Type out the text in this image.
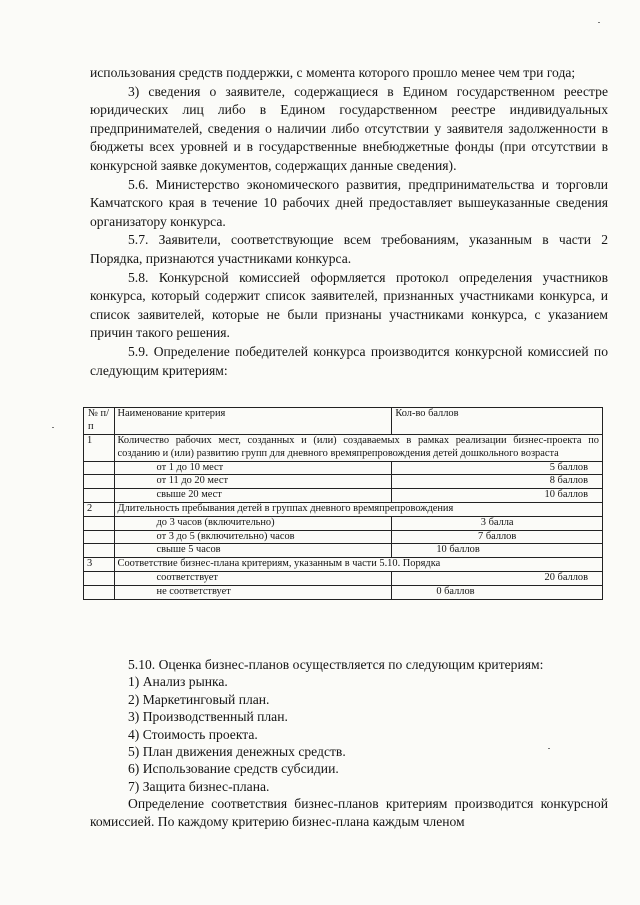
использования средств поддержки, с момента которого прошло менее чем три года;

3) сведения о заявителе, содержащиеся в Едином государственном реестре юридических лиц либо в Едином государственном реестре индивидуальных предпринимателей, сведения о наличии либо отсутствии у заявителя задолженности в бюджеты всех уровней и в государственные внебюджетные фонды (при отсутствии в конкурсной заявке документов, содержащих данные сведения).

5.6. Министерство экономического развития, предпринимательства и торговли Камчатского края в течение 10 рабочих дней предоставляет вышеуказанные сведения организатору конкурса.

5.7. Заявители, соответствующие всем требованиям, указанным в части 2 Порядка, признаются участниками конкурса.

5.8. Конкурсной комиссией оформляется протокол определения участников конкурса, который содержит список заявителей, признанных участниками конкурса, и список заявителей, которые не были признаны участниками конкурса, с указанием причин такого решения.

5.9. Определение победителей конкурса производится конкурсной комиссией по следующим критериям:

№ п/п	Наименование критерия	Кол-во баллов
1	Количество рабочих мест, созданных и (или) создаваемых в рамках реализации бизнес-проекта по созданию и (или) развитию групп для дневного времяпрепровождения детей дошкольного возраста	
	от 1 до 10 мест	5 баллов
	от 11 до 20 мест	8 баллов
	свыше 20 мест	10 баллов
2	Длительность пребывания детей в группах дневного времяпрепровождения	
	до 3 часов (включительно)	3 балла
	от 3 до 5 (включительно) часов	7 баллов
	свыше 5 часов	10 баллов
3	Соответствие бизнес-плана критериям, указанным в части 5.10. Порядка	
	соответствует	20 баллов
	не соответствует	0 баллов

5.10. Оценка бизнес-планов осуществляется по следующим критериям:

1) Анализ рынка.

2) Маркетинговый план.

3) Производственный план.

4) Стоимость проекта.

5) План движения денежных средств.

6) Использование средств субсидии.

7) Защита бизнес-плана.

Определение соответствия бизнес-планов критериям производится конкурсной комиссией. По каждому критерию бизнес-плана каждым членом
